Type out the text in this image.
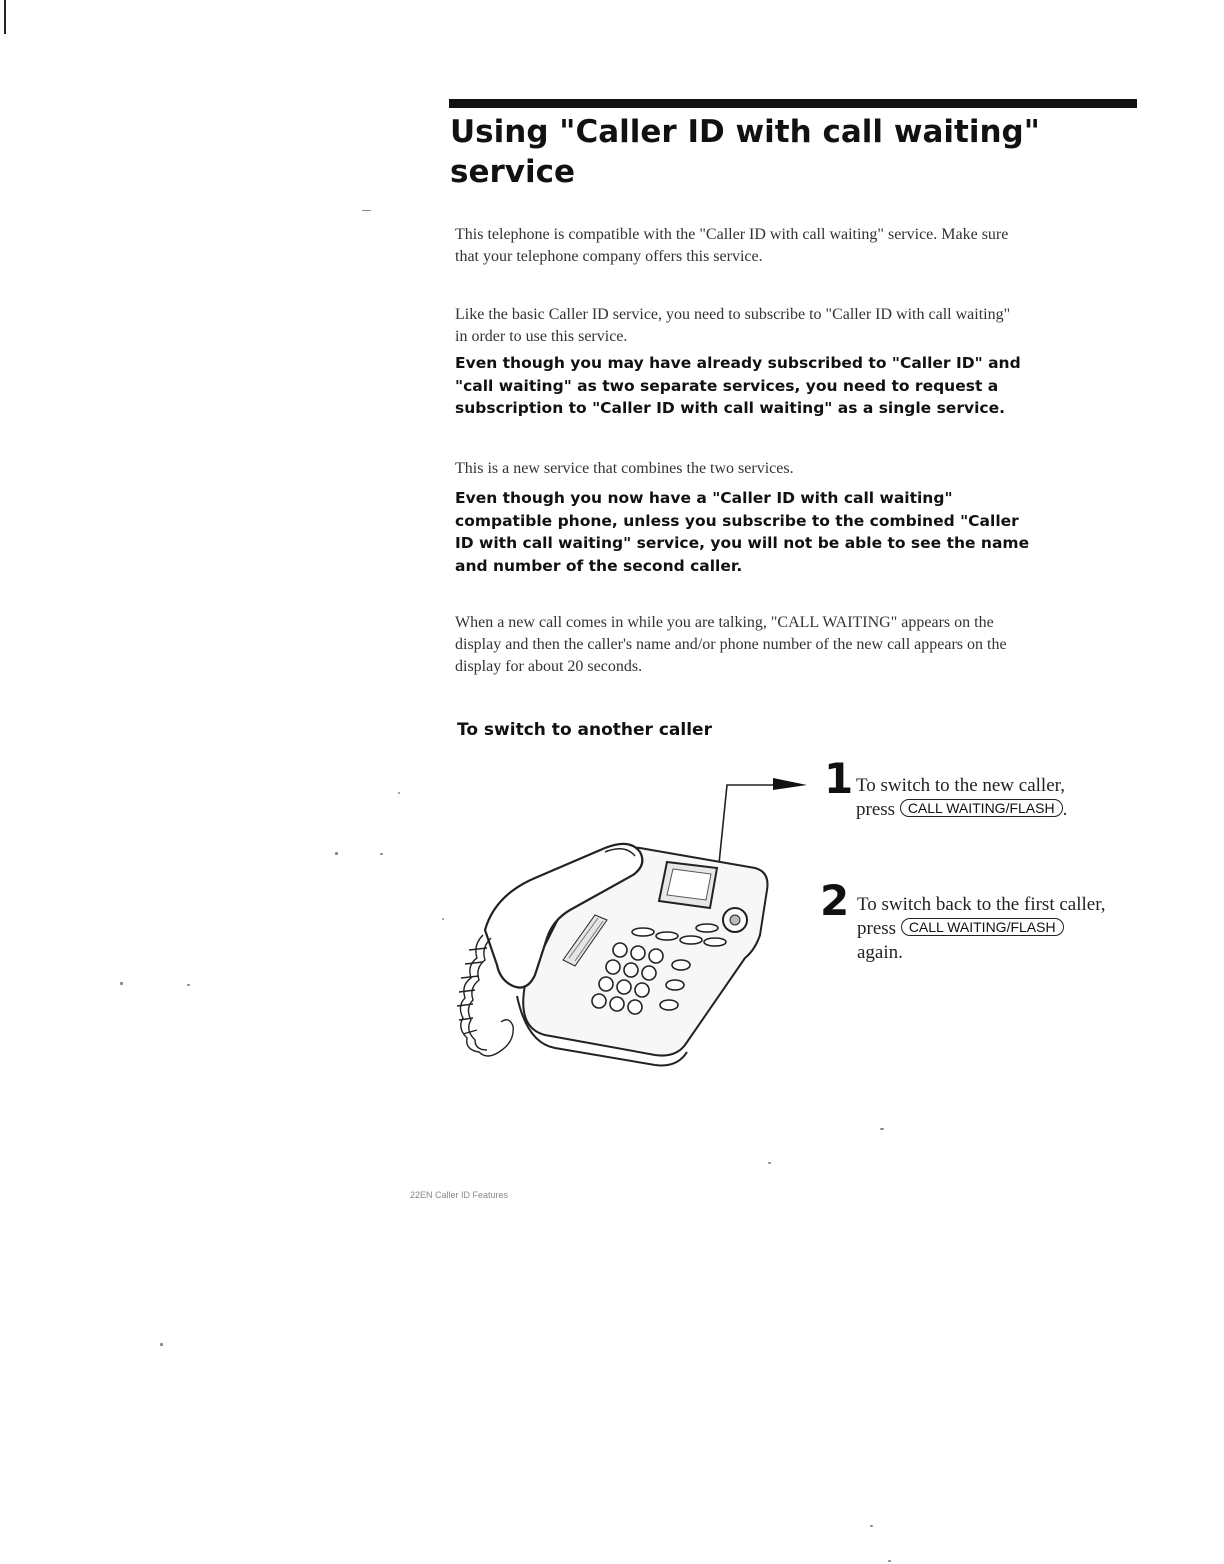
Using "Caller ID with call waiting" service

This telephone is compatible with the "Caller ID with call waiting" service. Make sure that your telephone company offers this service.

Like the basic Caller ID service, you need to subscribe to "Caller ID with call waiting" in order to use this service.

Even though you may have already subscribed to "Caller ID" and "call waiting" as two separate services, you need to request a subscription to "Caller ID with call waiting" as a single service.

This is a new service that combines the two services.

Even though you now have a "Caller ID with call waiting" compatible phone, unless you subscribe to the combined "Caller ID with call waiting" service, you will not be able to see the name and number of the second caller.

When a new call comes in while you are talking, "CALL WAITING" appears on the display and then the caller's name and/or phone number of the new call appears on the display for about 20 seconds.

To switch to another caller
1 To switch to the new caller,
press CALL WAITING/FLASH .
2 To switch back to the first caller,
press CALL WAITING/FLASH
again.
22EN Caller ID Features
